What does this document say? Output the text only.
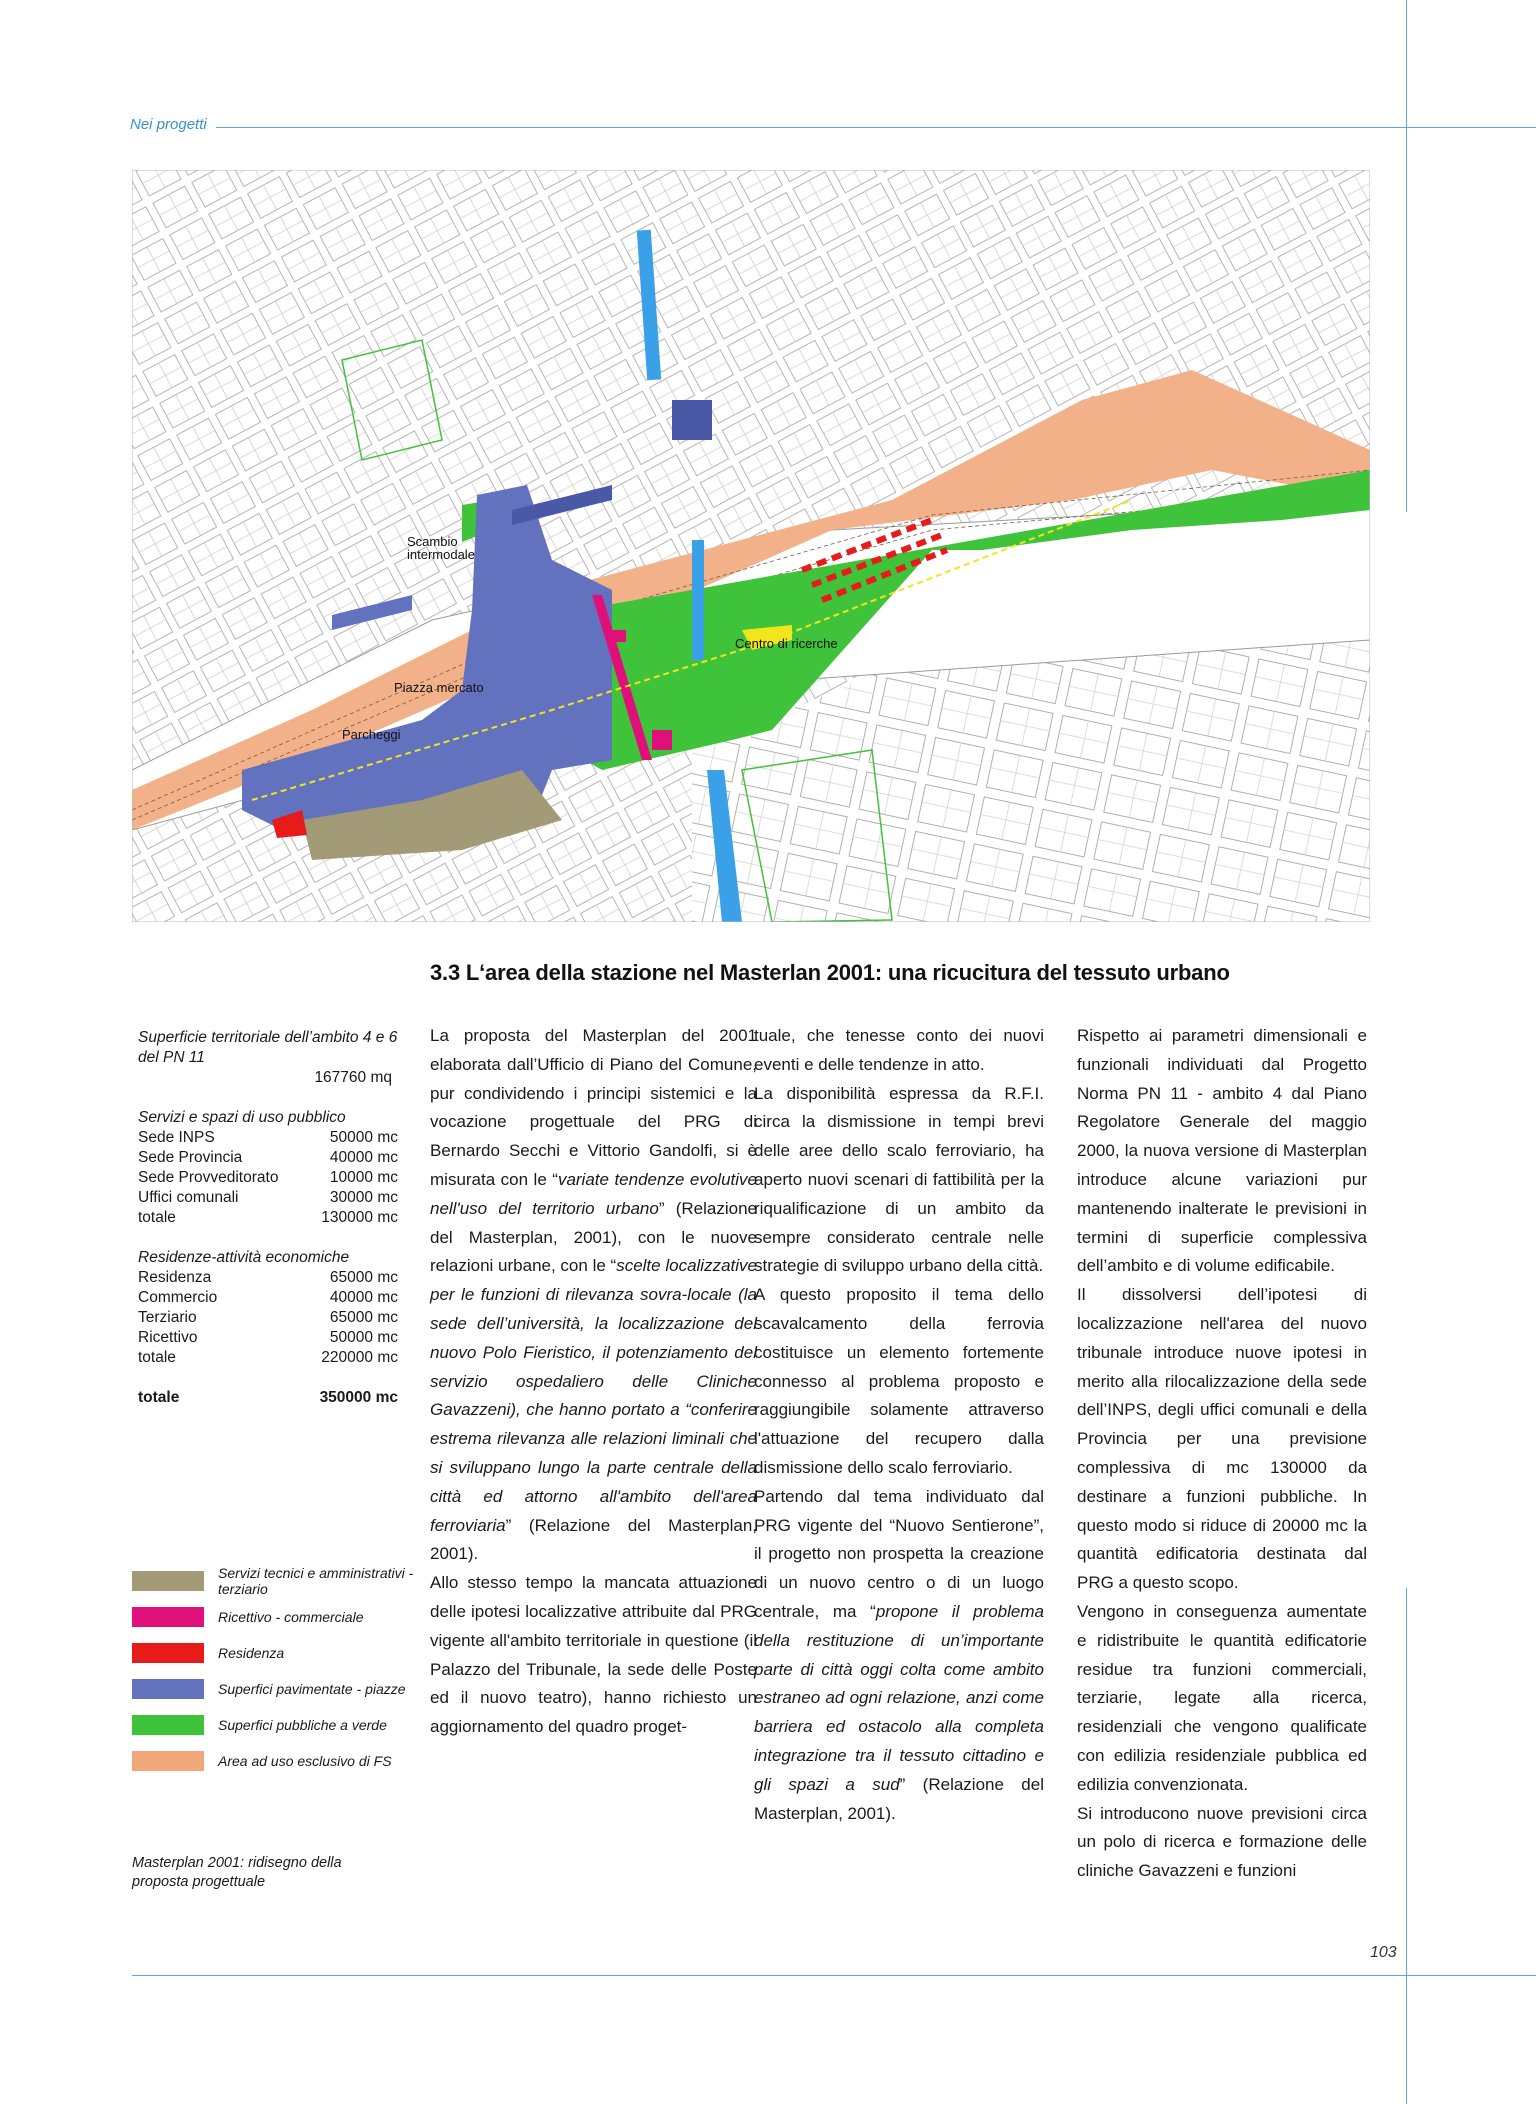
Nei progetti
Scambio
intermodale
Piazza mercato
Parcheggi
Centro di ricerche
3.3 L‘area della stazione nel Masterlan 2001: una ricucitura del tessuto urbano
Superficie territoriale dell’ambito 4 e 6 del PN 11
167760 mq
Servizi e spazi di uso pubblico
Sede INPS	50000 mc
Sede Provincia	40000 mc
Sede Provveditorato	10000 mc
Uffici comunali	30000 mc
totale	130000 mc
Residenze-attività economiche
Residenza	65000 mc
Commercio	40000 mc
Terziario	65000 mc
Ricettivo	50000 mc
totale	220000 mc
totale	350000 mc
Servizi tecnici e amministrativi - terziario
Ricettivo - commerciale
Residenza
Superfici pavimentate - piazze
Superfici pubbliche a verde
Area ad uso esclusivo di FS
Masterplan 2001: ridisegno della proposta progettuale

La proposta del Masterplan del 2001 elaborata dall’Ufficio di Piano del Comune, pur condividendo i principi sistemici e la vocazione progettuale del PRG di Bernardo Secchi e Vittorio Gandolfi, si è misurata con le “variate tendenze evolutive nell'uso del territorio urbano” (Relazione del Masterplan, 2001), con le nuove relazioni urbane, con le “scelte localizzative per le funzioni di rilevanza sovra-locale (la sede dell’università, la localizzazione del nuovo Polo Fieristico, il potenziamento del servizio ospedaliero delle Cliniche Gavazzeni), che hanno portato a “conferire estrema rilevanza alle relazioni liminali che si sviluppano lungo la parte centrale della città ed attorno all'ambito dell'area ferroviaria” (Relazione del Masterplan, 2001).

Allo stesso tempo la mancata attuazione delle ipotesi localizzative attribuite dal PRG vigente all'ambito territoriale in questione (il Palazzo del Tribunale, la sede delle Poste ed il nuovo teatro), hanno richiesto un aggiornamento del quadro proget-

tuale, che tenesse conto dei nuovi eventi e delle tendenze in atto.

La disponibilità espressa da R.F.I. circa la dismissione in tempi brevi delle aree dello scalo ferroviario, ha aperto nuovi scenari di fattibilità per la riqualificazione di un ambito da sempre considerato centrale nelle strategie di sviluppo urbano della città.

A questo proposito il tema dello scavalcamento della ferrovia costituisce un elemento fortemente connesso al problema proposto e raggiungibile solamente attraverso l'attuazione del recupero dalla dismissione dello scalo ferroviario.

Partendo dal tema individuato dal PRG vigente del “Nuovo Sentierone”, il progetto non prospetta la creazione di un nuovo centro o di un luogo centrale, ma “propone il problema della restituzione di un’importante parte di città oggi colta come ambito estraneo ad ogni relazione, anzi come barriera ed ostacolo alla completa integrazione tra il tessuto cittadino e gli spazi a sud” (Relazione del Masterplan, 2001).

Rispetto ai parametri dimensionali e funzionali individuati dal Progetto Norma PN 11 - ambito 4 dal Piano Regolatore Generale del maggio 2000, la nuova versione di Masterplan introduce alcune variazioni pur mantenendo inalterate le previsioni in termini di superficie complessiva dell’ambito e di volume edificabile.

Il dissolversi dell’ipotesi di localizzazione nell'area del nuovo tribunale introduce nuove ipotesi in merito alla rilocalizzazione della sede dell’INPS, degli uffici comunali e della Provincia per una previsione complessiva di mc 130000 da destinare a funzioni pubbliche. In questo modo si riduce di 20000 mc la quantità edificatoria destinata dal PRG a questo scopo.

Vengono in conseguenza aumentate e ridistribuite le quantità edificatorie residue tra funzioni commerciali, terziarie, legate alla ricerca, residenziali che vengono qualificate con edilizia residenziale pubblica ed edilizia convenzionata.

Si introducono nuove previsioni circa un polo di ricerca e formazione delle cliniche Gavazzeni e funzioni

103
